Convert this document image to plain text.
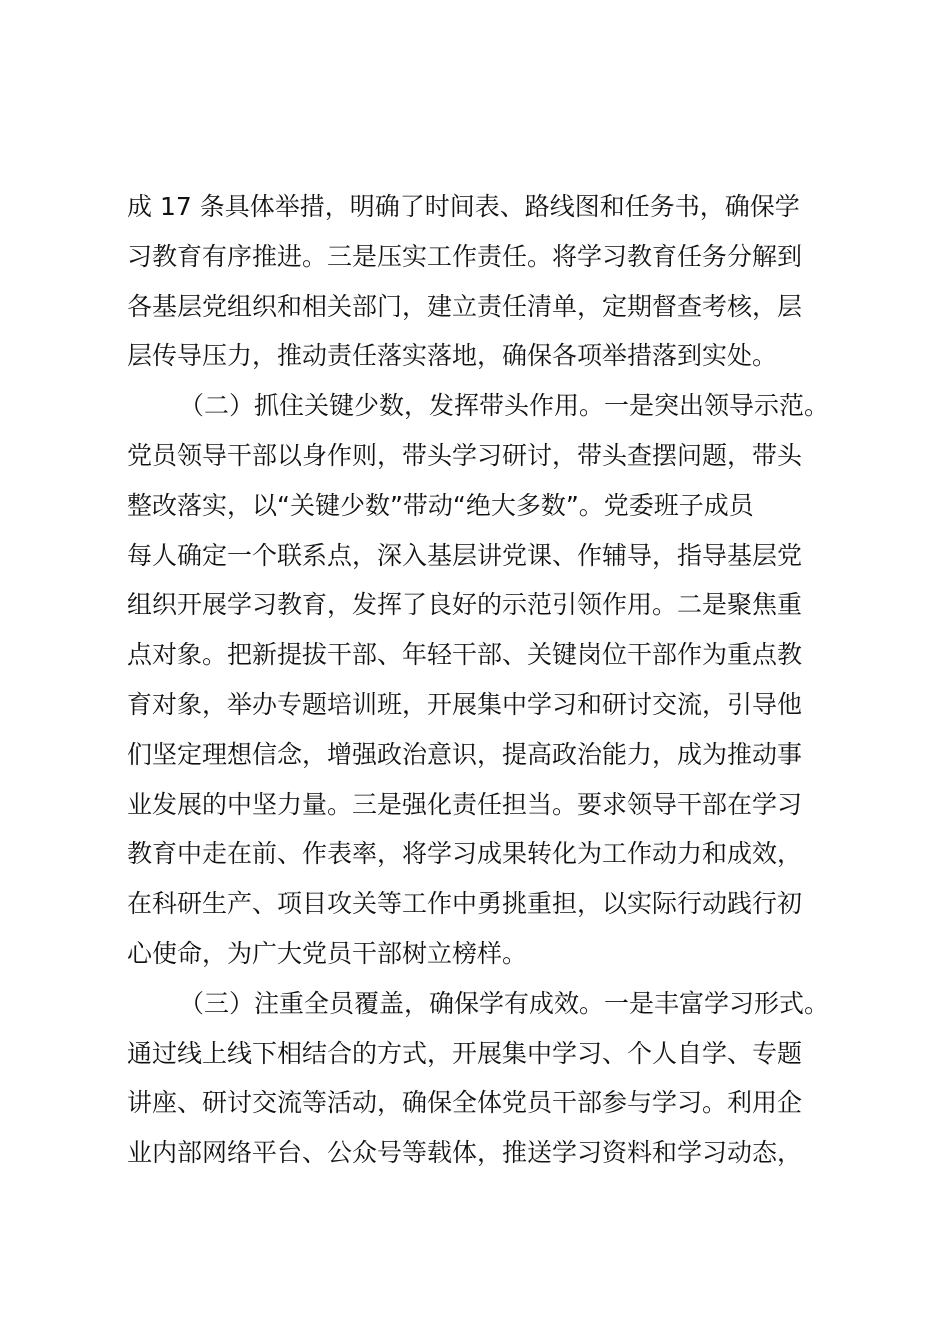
成 17 条具体举措，明确了时间表、路线图和任务书，确保学
习教育有序推进。三是压实工作责任。将学习教育任务分解到
各基层党组织和相关部门，建立责任清单，定期督查考核，层
层传导压力，推动责任落实落地，确保各项举措落到实处。
（二）抓住关键少数，发挥带头作用。一是突出领导示范。
党员领导干部以身作则，带头学习研讨，带头查摆问题，带头
整改落实，以“关键少数”带动“绝大多数”。党委班子成员
每人确定一个联系点，深入基层讲党课、作辅导，指导基层党
组织开展学习教育，发挥了良好的示范引领作用。二是聚焦重
点对象。把新提拔干部、年轻干部、关键岗位干部作为重点教
育对象，举办专题培训班，开展集中学习和研讨交流，引导他
们坚定理想信念，增强政治意识，提高政治能力，成为推动事
业发展的中坚力量。三是强化责任担当。要求领导干部在学习
教育中走在前、作表率，将学习成果转化为工作动力和成效，
在科研生产、项目攻关等工作中勇挑重担，以实际行动践行初
心使命，为广大党员干部树立榜样。
（三）注重全员覆盖，确保学有成效。一是丰富学习形式。
通过线上线下相结合的方式，开展集中学习、个人自学、专题
讲座、研讨交流等活动，确保全体党员干部参与学习。利用企
业内部网络平台、公众号等载体，推送学习资料和学习动态，
